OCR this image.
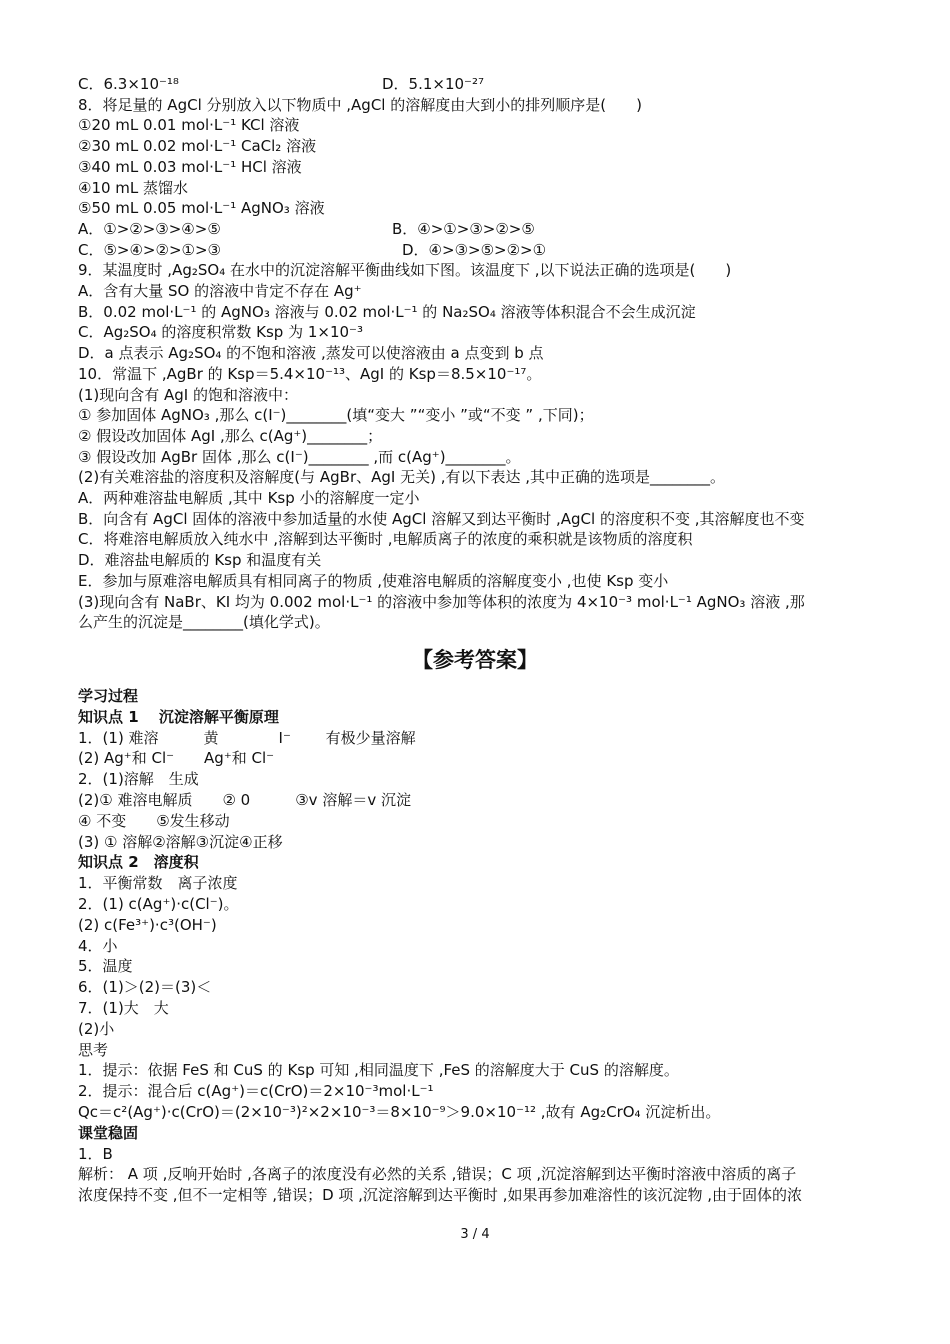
C．6.3×10⁻¹⁸	D．5.1×10⁻²⁷
8．将足量的 AgCl 分别放入以下物质中 ,AgCl 的溶解度由大到小的排列顺序是(　　)
①20 mL 0.01 mol·L⁻¹ KCl 溶液
②30 mL 0.02 mol·L⁻¹ CaCl₂ 溶液
③40 mL 0.03 mol·L⁻¹ HCl 溶液
④10 mL 蒸馏水
⑤50 mL 0.05 mol·L⁻¹ AgNO₃ 溶液
A．①>②>③>④>⑤	B．④>①>③>②>⑤
C．⑤>④>②>①>③	D．④>③>⑤>②>①
9．某温度时 ,Ag₂SO₄ 在水中的沉淀溶解平衡曲线如下图。该温度下 ,以下说法正确的选项是(　　)
A．含有大量 SO 的溶液中肯定不存在 Ag⁺
B．0.02 mol·L⁻¹ 的 AgNO₃ 溶液与 0.02 mol·L⁻¹ 的 Na₂SO₄ 溶液等体积混合不会生成沉淀
C．Ag₂SO₄ 的溶度积常数 Ksp 为 1×10⁻³
D．a 点表示 Ag₂SO₄ 的不饱和溶液 ,蒸发可以使溶液由 a 点变到 b 点
10．常温下 ,AgBr 的 Ksp＝5.4×10⁻¹³、AgI 的 Ksp＝8.5×10⁻¹⁷。
(1)现向含有 AgI 的饱和溶液中：
① 参加固体 AgNO₃ ,那么 c(I⁻)________(填“变大 ”“变小 ”或“不变 ” ,下同)；
② 假设改加固体 AgI ,那么 c(Ag⁺)________；
③ 假设改加 AgBr 固体 ,那么 c(I⁻)________ ,而 c(Ag⁺)________。
(2)有关难溶盐的溶度积及溶解度(与 AgBr、AgI 无关) ,有以下表达 ,其中正确的选项是________。
A．两种难溶盐电解质 ,其中 Ksp 小的溶解度一定小
B．向含有 AgCl 固体的溶液中参加适量的水使 AgCl 溶解又到达平衡时 ,AgCl 的溶度积不变 ,其溶解度也不变
C．将难溶电解质放入纯水中 ,溶解到达平衡时 ,电解质离子的浓度的乘积就是该物质的溶度积
D．难溶盐电解质的 Ksp 和温度有关
E．参加与原难溶电解质具有相同离子的物质 ,使难溶电解质的溶解度变小 ,也使 Ksp 变小
(3)现向含有 NaBr、KI 均为 0.002 mol·L⁻¹ 的溶液中参加等体积的浓度为 4×10⁻³ mol·L⁻¹ AgNO₃ 溶液 ,那
么产生的沉淀是________(填化学式)。
【参考答案】
学习过程
知识点 1　 沉淀溶解平衡原理
1．(1) 难溶　　　黄　　　　I⁻　　 有极少量溶解
(2) Ag⁺和 Cl⁻　　Ag⁺和 Cl⁻
2．(1)溶解　生成
(2)① 难溶电解质　　② 0　　　③v 溶解＝v 沉淀
④ 不变　　⑤发生移动
(3) ① 溶解②溶解③沉淀④正移
知识点 2　溶度积
1．平衡常数　离子浓度
2．(1) c(Ag⁺)·c(Cl⁻)。
(2) c(Fe³⁺)·c³(OH⁻)
4．小
5．温度
6．(1)＞(2)＝(3)＜
7．(1)大　大
(2)小
思考
1．提示：依据 FeS 和 CuS 的 Ksp 可知 ,相同温度下 ,FeS 的溶解度大于 CuS 的溶解度。
2．提示：混合后 c(Ag⁺)＝c(CrO)＝2×10⁻³mol·L⁻¹
Qc＝c²(Ag⁺)·c(CrO)＝(2×10⁻³)²×2×10⁻³＝8×10⁻⁹＞9.0×10⁻¹² ,故有 Ag₂CrO₄ 沉淀析出。
课堂稳固
1．B
解析： A 项 ,反响开始时 ,各离子的浓度没有必然的关系 ,错误；C 项 ,沉淀溶解到达平衡时溶液中溶质的离子
浓度保持不变 ,但不一定相等 ,错误；D 项 ,沉淀溶解到达平衡时 ,如果再参加难溶性的该沉淀物 ,由于固体的浓
3 / 4
